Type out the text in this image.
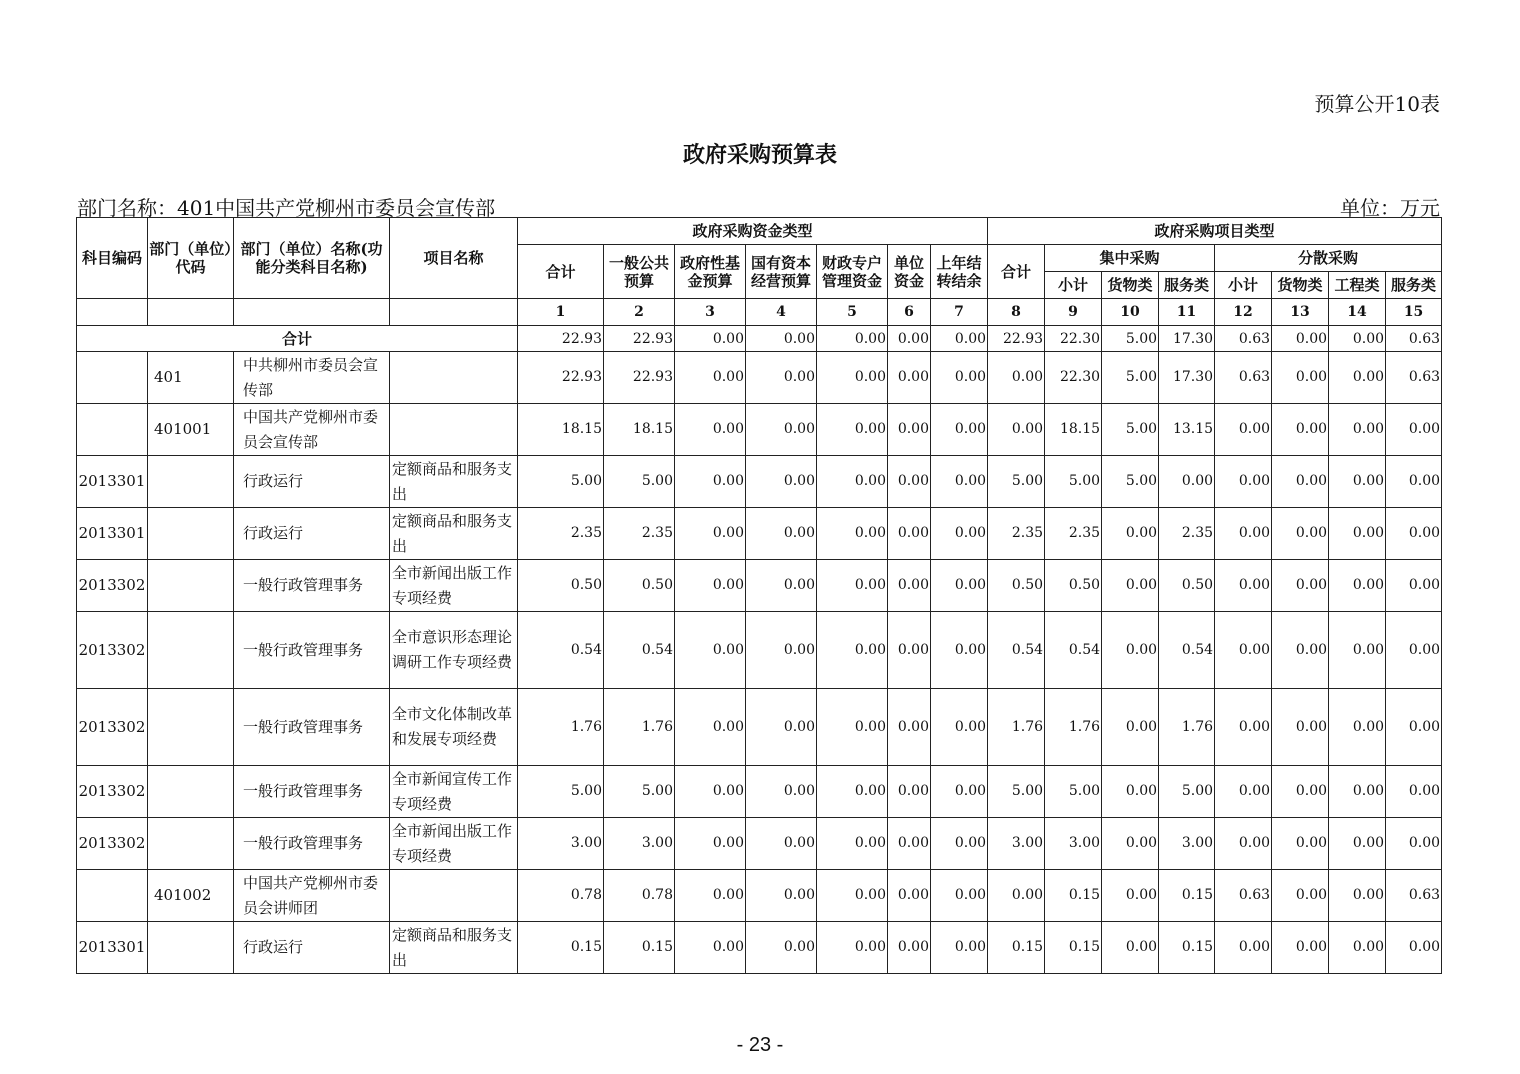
预算公开10表
政府采购预算表
部门名称：401中国共产党柳州市委员会宣传部	单位：万元
科目编码	部门（单位）代码	部门（单位）名称(功能分类科目名称)	项目名称	政府采购资金类型							政府采购项目类型							
				合计	一般公共预算	政府性基金预算	国有资本经营预算	财政专户管理资金	单位资金	上年结转结余	合计	集中采购			分散采购			
												小计	货物类	服务类	小计	货物类	工程类	服务类
				1	2	3	4	5	6	7	8	9	10	11	12	13	14	15
合计				22.93	22.93	0.00	0.00	0.00	0.00	0.00	22.93	22.30	5.00	17.30	0.63	0.00	0.00	0.63
	401	中共柳州市委员会宣传部		22.93	22.93	0.00	0.00	0.00	0.00	0.00	0.00	22.30	5.00	17.30	0.63	0.00	0.00	0.63
	401001	中国共产党柳州市委员会宣传部		18.15	18.15	0.00	0.00	0.00	0.00	0.00	0.00	18.15	5.00	13.15	0.00	0.00	0.00	0.00
2013301		行政运行	定额商品和服务支出	5.00	5.00	0.00	0.00	0.00	0.00	0.00	5.00	5.00	5.00	0.00	0.00	0.00	0.00	0.00
2013301		行政运行	定额商品和服务支出	2.35	2.35	0.00	0.00	0.00	0.00	0.00	2.35	2.35	0.00	2.35	0.00	0.00	0.00	0.00
2013302		一般行政管理事务	全市新闻出版工作专项经费	0.50	0.50	0.00	0.00	0.00	0.00	0.00	0.50	0.50	0.00	0.50	0.00	0.00	0.00	0.00
2013302		一般行政管理事务	全市意识形态理论调研工作专项经费	0.54	0.54	0.00	0.00	0.00	0.00	0.00	0.54	0.54	0.00	0.54	0.00	0.00	0.00	0.00
2013302		一般行政管理事务	全市文化体制改革和发展专项经费	1.76	1.76	0.00	0.00	0.00	0.00	0.00	1.76	1.76	0.00	1.76	0.00	0.00	0.00	0.00
2013302		一般行政管理事务	全市新闻宣传工作专项经费	5.00	5.00	0.00	0.00	0.00	0.00	0.00	5.00	5.00	0.00	5.00	0.00	0.00	0.00	0.00
2013302		一般行政管理事务	全市新闻出版工作专项经费	3.00	3.00	0.00	0.00	0.00	0.00	0.00	3.00	3.00	0.00	3.00	0.00	0.00	0.00	0.00
	401002	中国共产党柳州市委员会讲师团		0.78	0.78	0.00	0.00	0.00	0.00	0.00	0.00	0.15	0.00	0.15	0.63	0.00	0.00	0.63
2013301		行政运行	定额商品和服务支出	0.15	0.15	0.00	0.00	0.00	0.00	0.00	0.15	0.15	0.00	0.15	0.00	0.00	0.00	0.00
- 23 -
